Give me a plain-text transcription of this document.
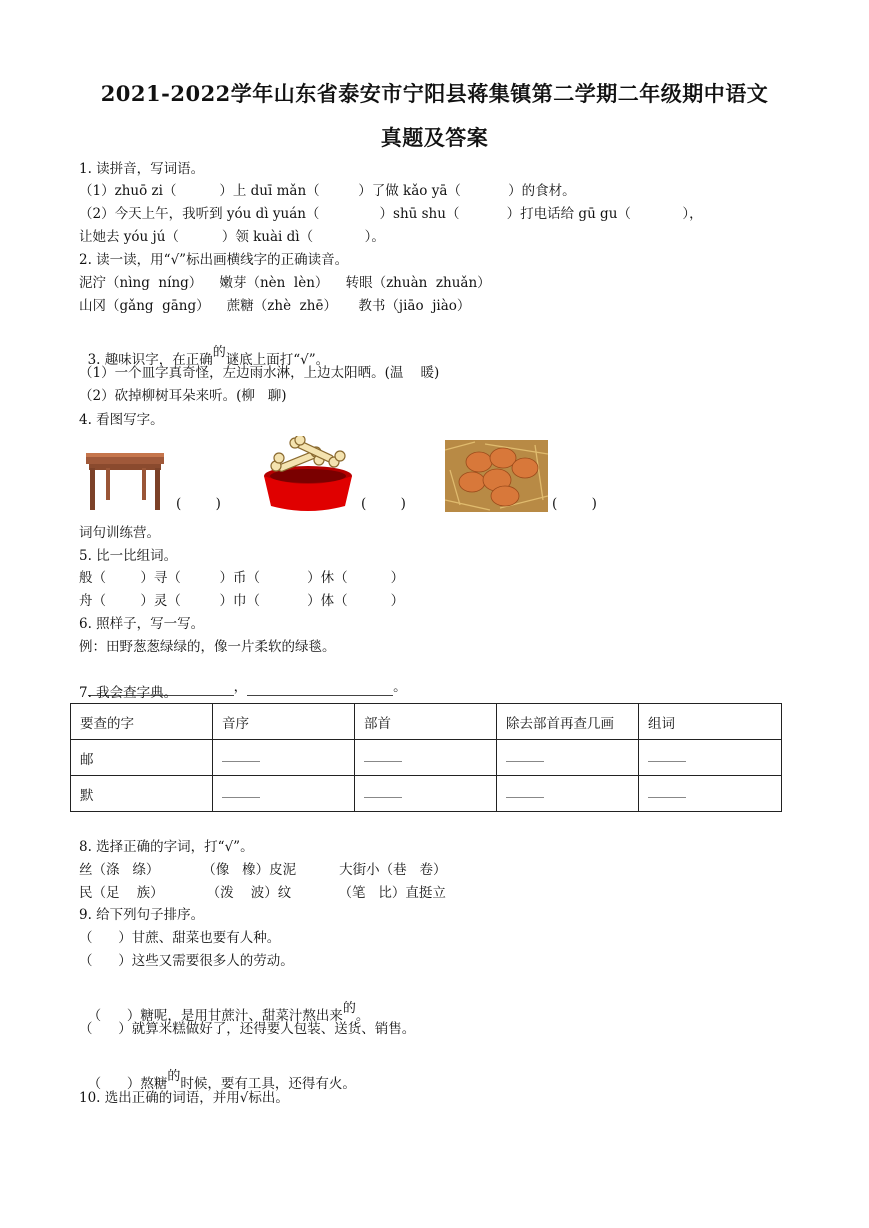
2021-2022学年山东省泰安市宁阳县蒋集镇第二学期二年级期中语文
真题及答案
1. 读拼音，写词语。
（1）zhuō zi（          ）上 duī mǎn（         ）了做 kǎo yā（           ）的食材。
（2）今天上午，我听到 yóu dì yuán（              ）shū shu（           ）打电话给 gū gu（            ），
让她去 yóu jú（          ）领 kuài dì（            ）。
2. 读一读，用“√”标出画横线字的正确读音。
泥泞（nìng  níng）    嫩芽（nèn  lèn）    转眼（zhuàn  zhuǎn）
山冈（gǎng  gāng）    蔗糖（zhè  zhē）     教书（jiāo  jiào）

3. 趣味识字，在正确的谜底上面打“√”。

（1）一个皿字真奇怪，左边雨水淋，上边太阳晒。(温    暖)
（2）砍掉柳树耳朵来听。(柳   聊)
4. 看图写字。
(        )	(        )	(        )
词句训练营。
5. 比一比组词。
般（        ）寻（         ）币（           ）休（          ）
舟（        ）灵（         ）巾（           ）体（          ）
6. 照样子，写一写。
例：田野葱葱绿绿的，像一片柔软的绿毯。

，	。

7. 我会查字典。
要查的字	音序	部首	除去部首再查几画	组词
邮				
默				
8. 选择正确的字词，打“√”。
丝（涤   绦）          （像   橡）皮泥          大街小（巷   卷）
民（足    族）          （泼    波）纹           （笔   比）直挺立
9. 给下列句子排序。
（      ）甘蔗、甜菜也要有人种。
（      ）这些又需要很多人的劳动。

（      ）糖呢，是用甘蔗汁、甜菜汁熬出来的。

（      ）就算米糕做好了，还得要人包装、送货、销售。

（      ）熬糖的时候，要有工具，还得有火。

10. 选出正确的词语，并用√标出。
